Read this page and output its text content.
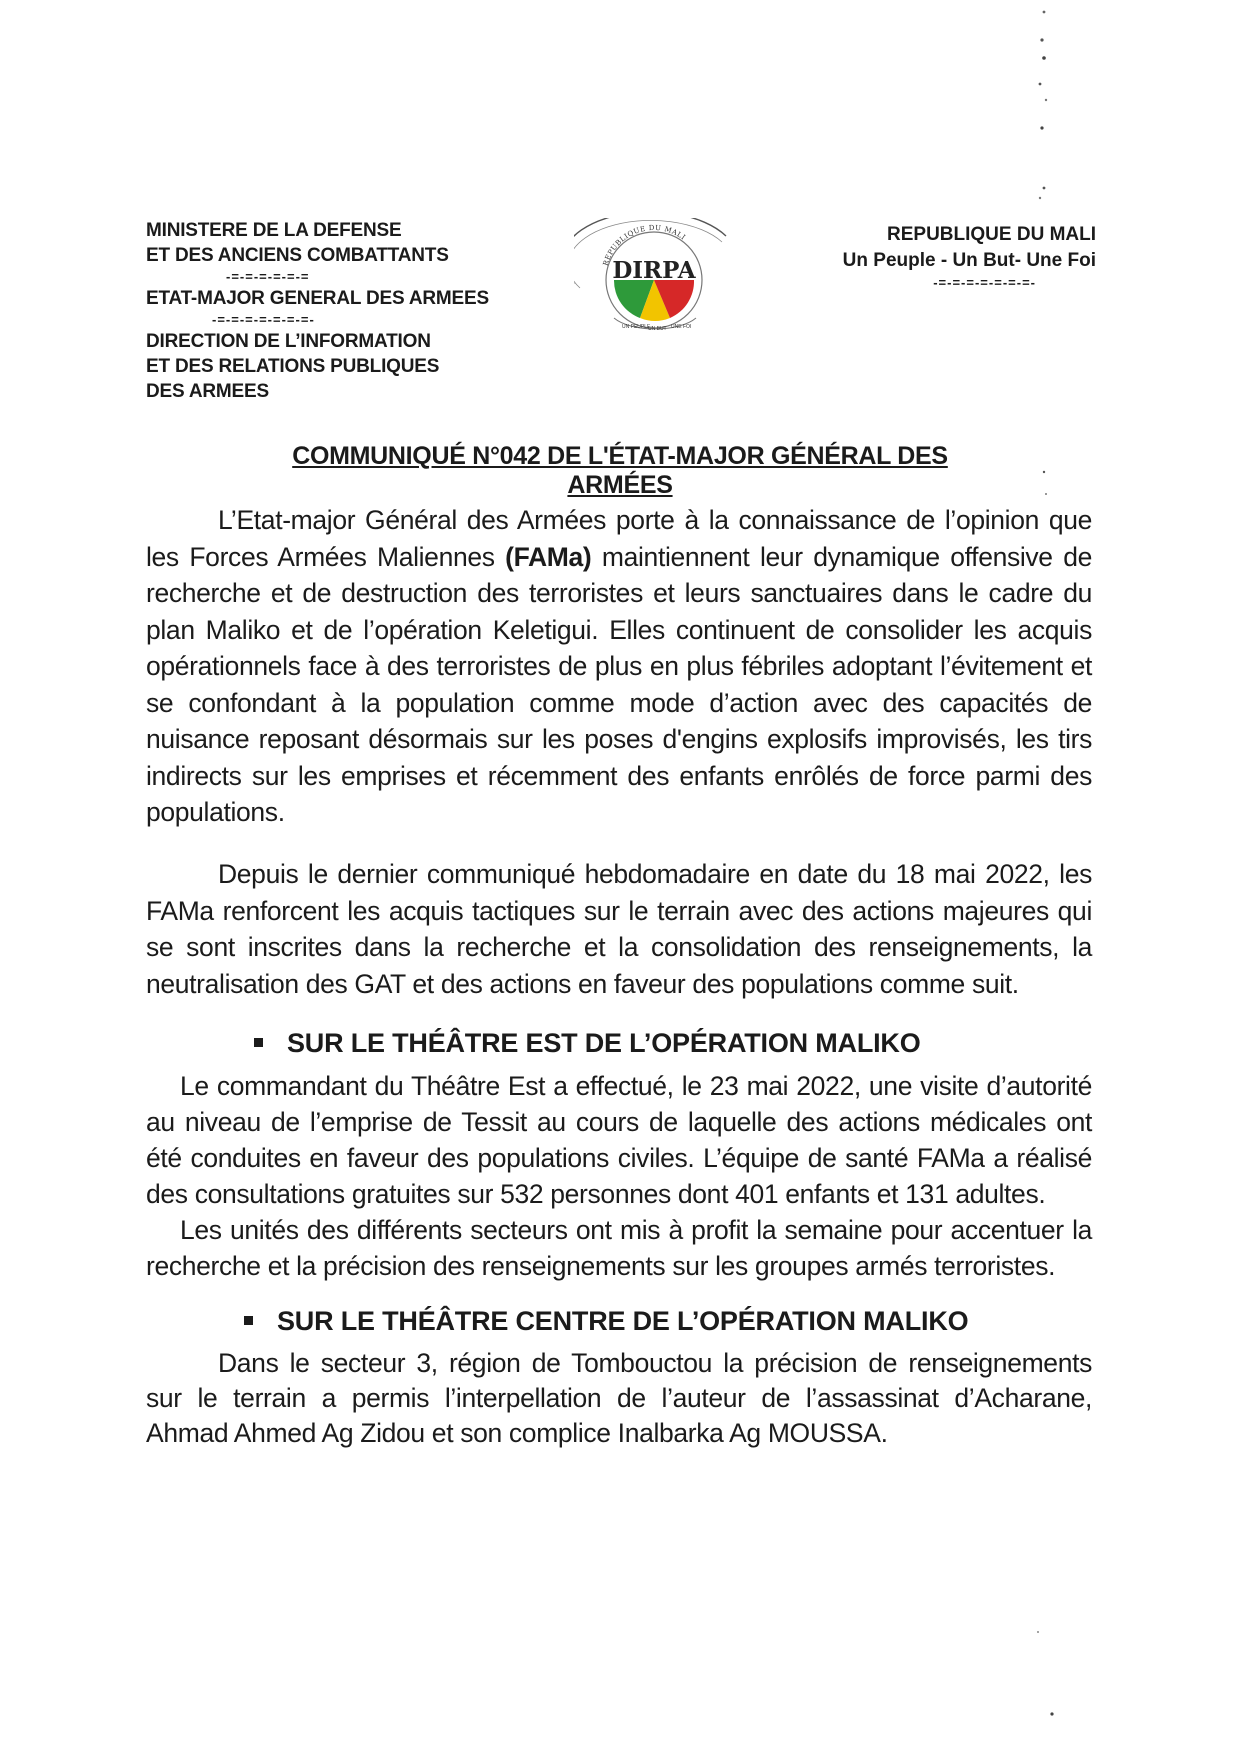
MINISTERE DE LA DEFENSE
ET DES ANCIENS COMBATTANTS
-=-=-=-=-=-=
ETAT-MAJOR GENERAL DES ARMEES
-=-=-=-=-=-=-=-
DIRECTION DE L’INFORMATION
ET DES RELATIONS PUBLIQUES
DES ARMEES
REPUBLIQUE DU MALI
DIRPA
UN PEUPLE
UN BUT UNE FOI
REPUBLIQUE DU MALI
Un Peuple - Un But- Une Foi
-=-=-=-=-=-=-=-
COMMUNIQUÉ N°042 DE L'ÉTAT-MAJOR GÉNÉRAL DES ARMÉES
L’Etat-major Général des Armées porte à la connaissance de l’opinion que les Forces Armées Maliennes (FAMa) maintiennent leur dynamique offensive de recherche et de destruction des terroristes et leurs sanctuaires dans le cadre du plan Maliko et de l’opération Keletigui. Elles continuent de consolider les acquis opérationnels face à des terroristes de plus en plus fébriles adoptant l’évitement et se confondant à la population comme mode d’action avec des capacités de nuisance reposant désormais sur les poses d'engins explosifs improvisés, les tirs indirects sur les emprises et récemment des enfants enrôlés de force parmi des populations.
Depuis le dernier communiqué hebdomadaire en date du 18 mai 2022, les FAMa renforcent les acquis tactiques sur le terrain avec des actions majeures qui se sont inscrites dans la recherche et la consolidation des renseignements, la neutralisation des GAT et des actions en faveur des populations comme suit.
SUR LE THÉÂTRE EST DE L’OPÉRATION MALIKO
Le commandant du Théâtre Est a effectué, le 23 mai 2022, une visite d’autorité au niveau de l’emprise de Tessit au cours de laquelle des actions médicales ont été conduites en faveur des populations civiles. L’équipe de santé FAMa a réalisé des consultations gratuites sur 532 personnes dont 401 enfants et 131 adultes.
Les unités des différents secteurs ont mis à profit la semaine pour accentuer la recherche et la précision des renseignements sur les groupes armés terroristes.
SUR LE THÉÂTRE CENTRE DE L’OPÉRATION MALIKO
Dans le secteur 3, région de Tombouctou la précision de renseignements sur le terrain a permis l’interpellation de l’auteur de l’assassinat d’Acharane, Ahmad Ahmed Ag Zidou et son complice Inalbarka Ag MOUSSA.
